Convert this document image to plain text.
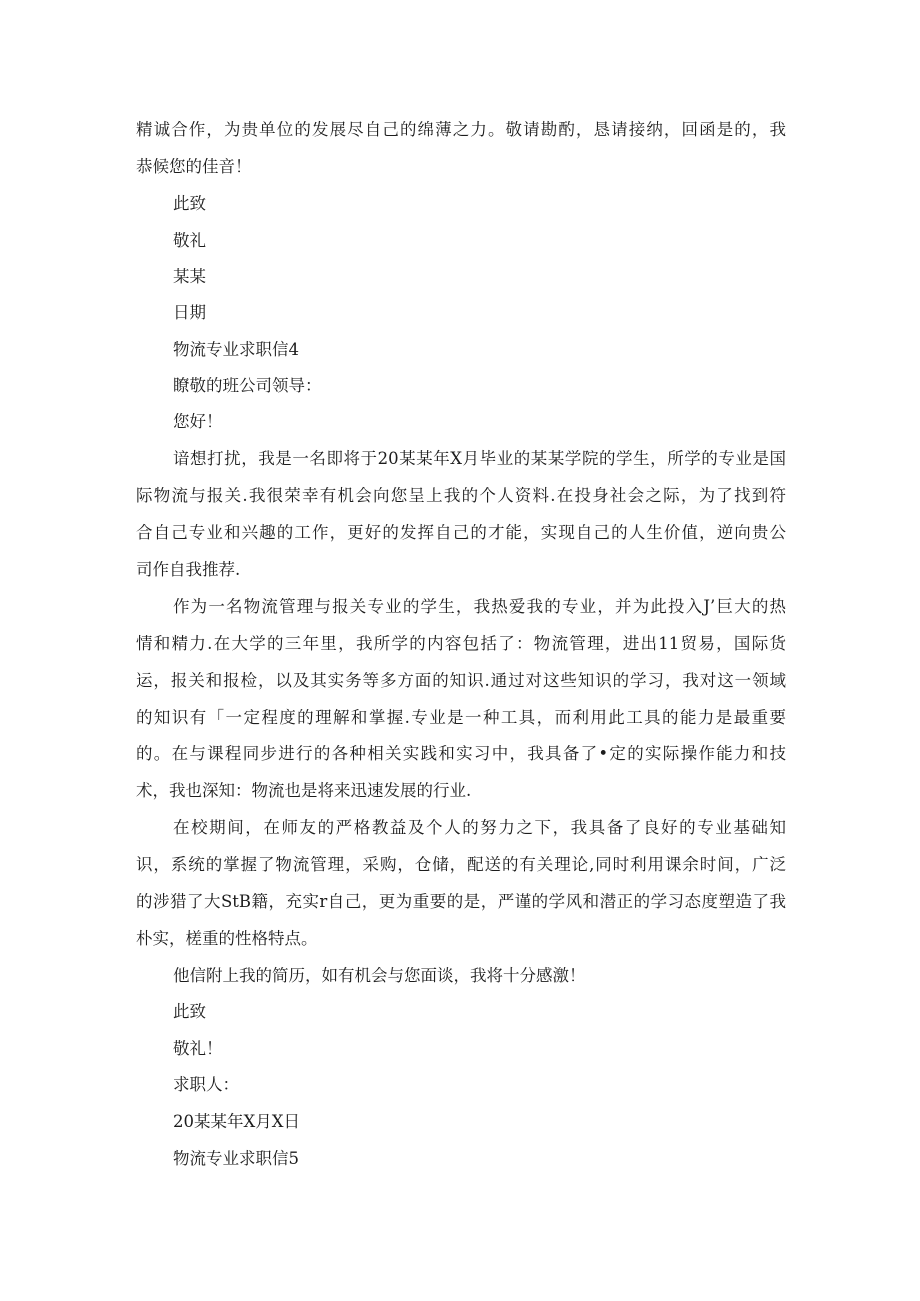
精诚合作，为贵单位的发展尽自己的绵薄之力。敬请勘酌，恳请接纳，回函是的，我
恭候您的佳音！
此致
敬礼
某某
日期
物流专业求职信4
瞭敬的班公司领导：
您好！
谙想打扰，我是一名即将于20某某年X月毕业的某某学院的学生，所学的专业是国
际物流与报关.我很荣幸有机会向您呈上我的个人资料.在投身社会之际，为了找到符
合自己专业和兴趣的工作，更好的发挥自己的才能，实现自己的人生价值，逆向贵公
司作自我推荐.
作为一名物流管理与报关专业的学生，我热爱我的专业，并为此投入J’巨大的热
情和精力.在大学的三年里，我所学的内容包括了：物流管理，进出11贸易，国际货
运，报关和报检，以及其实务等多方面的知识.通过对这些知识的学习，我对这一领域
的知识有「一定程度的理解和掌握.专业是一种工具，而利用此工具的能力是最重要
的。在与课程同步进行的各种相关实践和实习中，我具备了•定的实际操作能力和技
术，我也深知：物流也是将来迅速发展的行业.
在校期间，在师友的严格教益及个人的努力之下，我具备了良好的专业基础知
识，系统的掌握了物流管理，采购，仓储，配送的有关理论,同时利用课余时间，广泛
的涉猎了大StB籍，充实r自己，更为重要的是，严谨的学风和潜正的学习态度塑造了我
朴实，槎重的性格特点。
他信附上我的简历，如有机会与您面谈，我将十分感激！
此致
敬礼！
求职人：
20某某年X月X日
物流专业求职信5
